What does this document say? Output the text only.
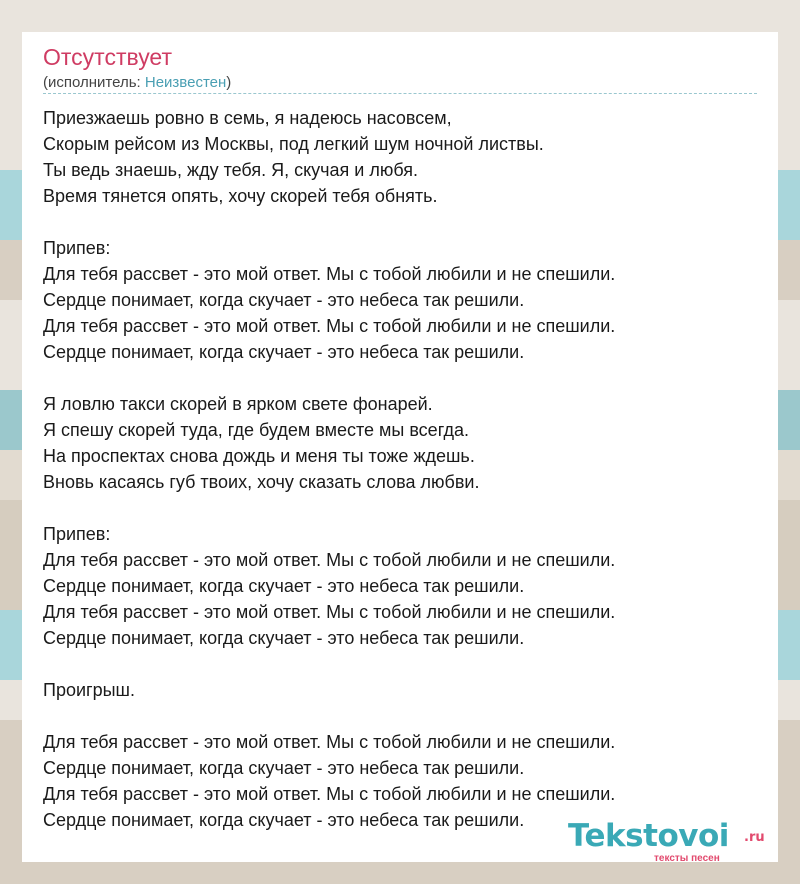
Отсутствует
(исполнитель: Неизвестен)
Приезжаешь ровно в семь, я надеюсь насовсем,
Скорым рейсом из Москвы, под легкий шум ночной листвы.
Ты ведь знаешь, жду тебя. Я, скучая и любя.
Время тянется опять, хочу скорей тебя обнять.
Припев:
Для тебя рассвет - это мой ответ. Мы с тобой любили и не спешили.
Сердце понимает, когда скучает - это небеса так решили.
Для тебя рассвет - это мой ответ. Мы с тобой любили и не спешили.
Сердце понимает, когда скучает - это небеса так решили.
Я ловлю такси скорей в ярком свете фонарей.
Я спешу скорей туда, где будем вместе мы всегда.
На проспектах снова дождь и меня ты тоже ждешь.
Вновь касаясь губ твоих, хочу сказать слова любви.
Припев:
Для тебя рассвет - это мой ответ. Мы с тобой любили и не спешили.
Сердце понимает, когда скучает - это небеса так решили.
Для тебя рассвет - это мой ответ. Мы с тобой любили и не спешили.
Сердце понимает, когда скучает - это небеса так решили.
Проигрыш.
Для тебя рассвет - это мой ответ. Мы с тобой любили и не спешили.
Сердце понимает, когда скучает - это небеса так решили.
Для тебя рассвет - это мой ответ. Мы с тобой любили и не спешили.
Сердце понимает, когда скучает - это небеса так решили.	Tekstovoi .ru
тексты песен
